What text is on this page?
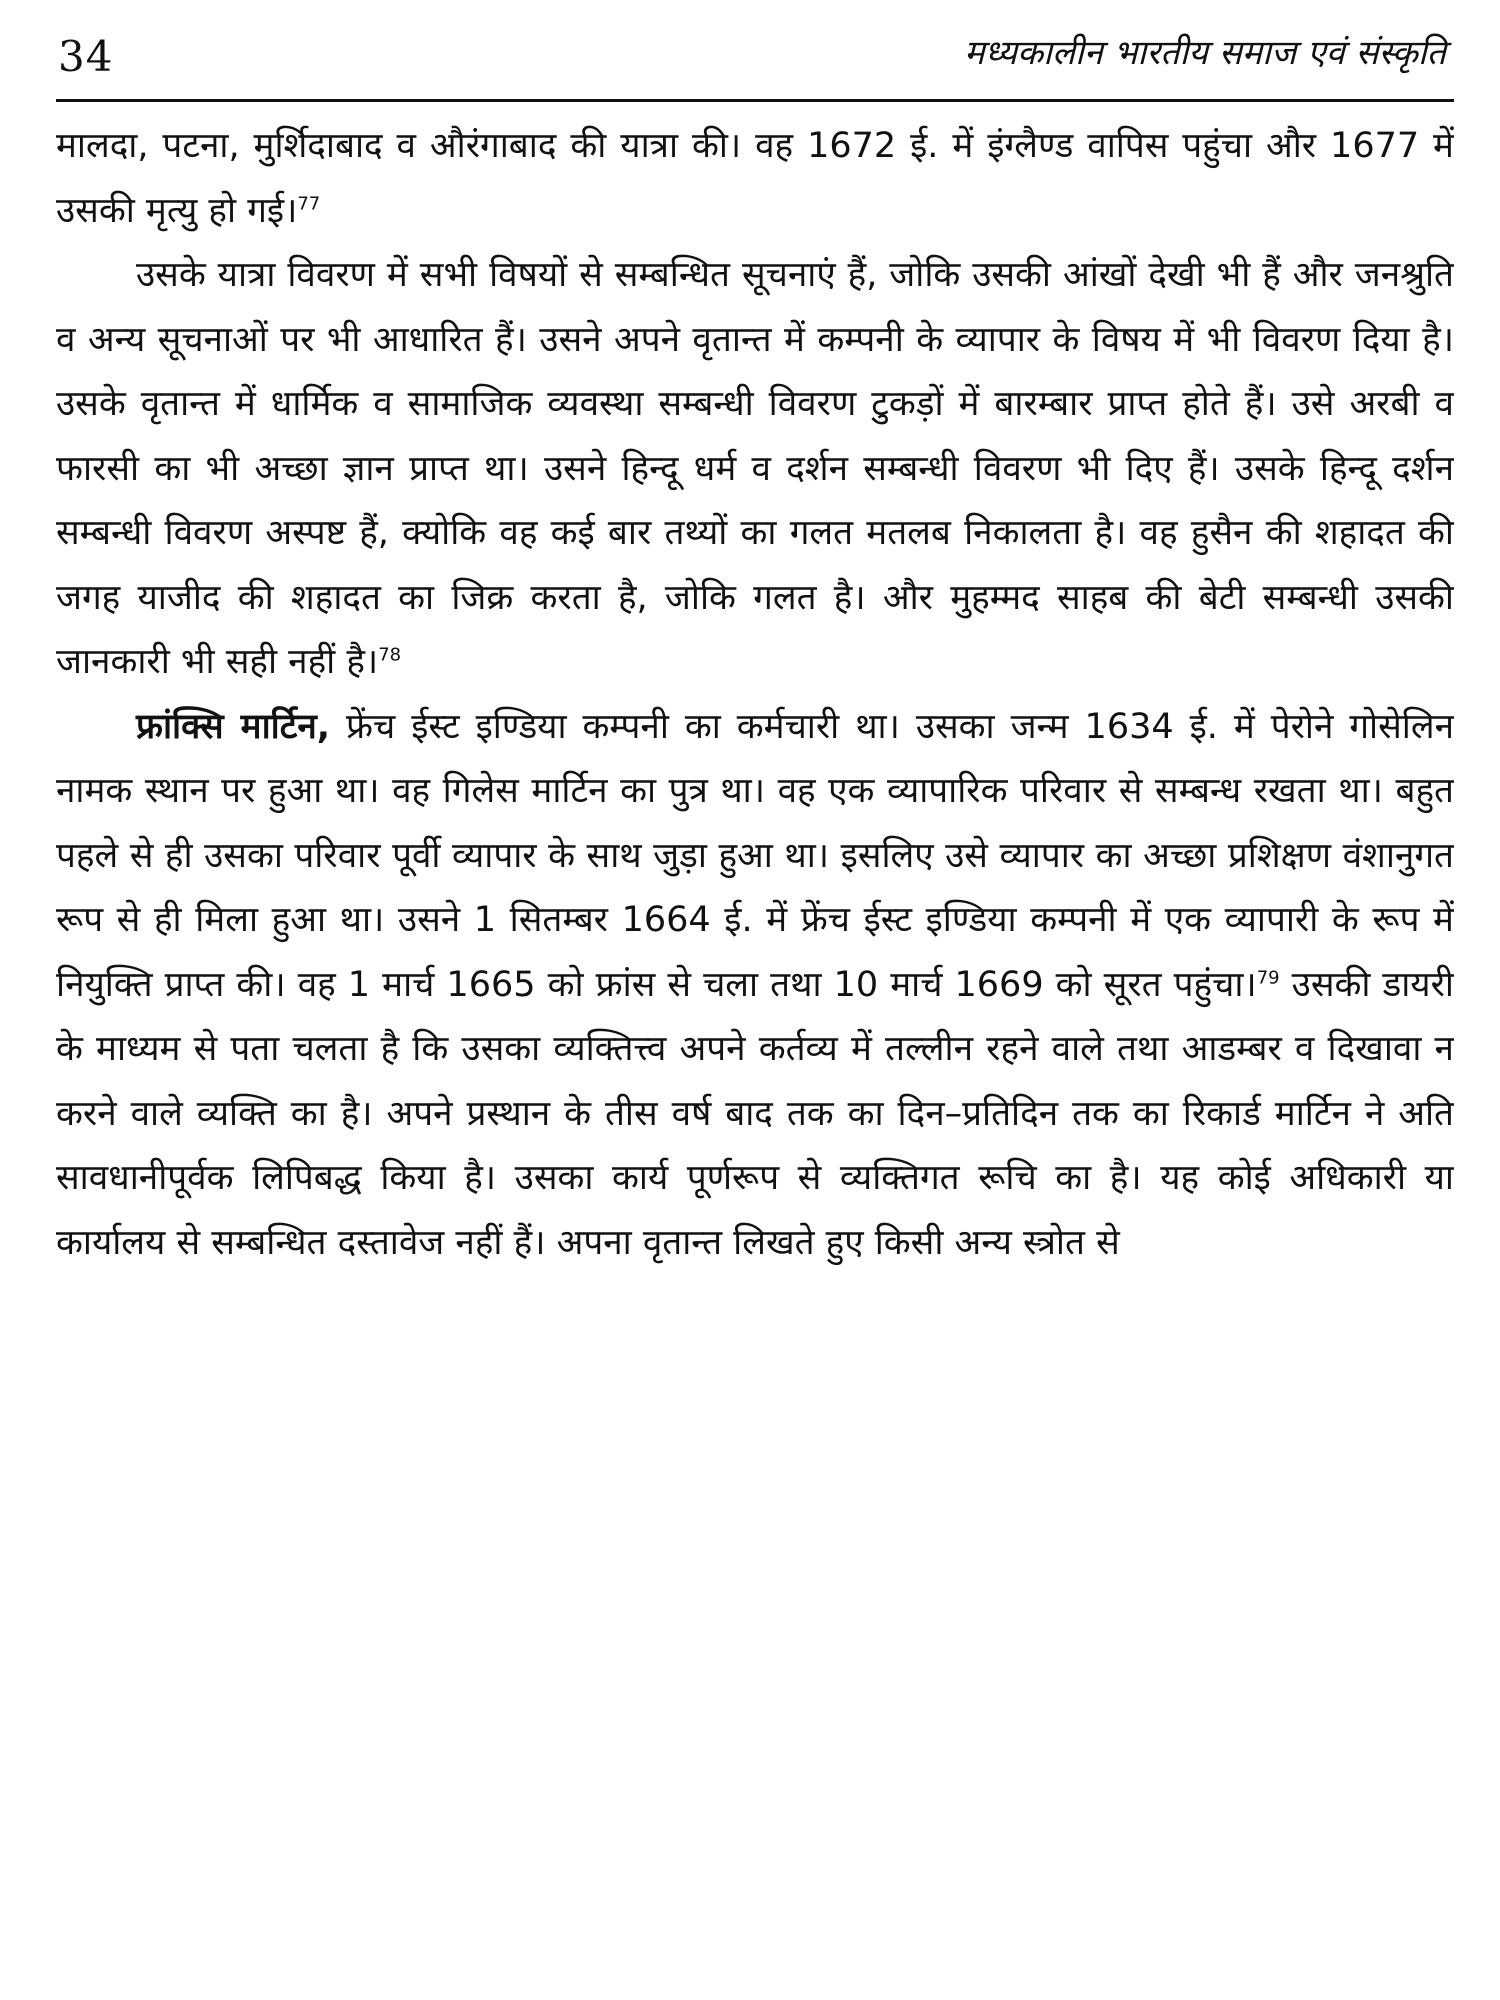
34	मध्यकालीन भारतीय समाज एवं संस्कृति

मालदा, पटना, मुर्शिदाबाद व औरंगाबाद की यात्रा की। वह 1672 ई. में इंग्लैण्ड वापिस पहुंचा और 1677 में उसकी मृत्यु हो गई।$^{77}$

उसके यात्रा विवरण में सभी विषयों से सम्बन्धित सूचनाएं हैं, जोकि उसकी आंखों देखी भी हैं और जनश्रुति व अन्य सूचनाओं पर भी आधारित हैं। उसने अपने वृतान्त में कम्पनी के व्यापार के विषय में भी विवरण दिया है। उसके वृतान्त में धार्मिक व सामाजिक व्यवस्था सम्बन्धी विवरण टुकड़ों में बारम्बार प्राप्त होते हैं। उसे अरबी व फारसी का भी अच्छा ज्ञान प्राप्त था। उसने हिन्दू धर्म व दर्शन सम्बन्धी विवरण भी दिए हैं। उसके हिन्दू दर्शन सम्बन्धी विवरण अस्पष्ट हैं, क्योकि वह कई बार तथ्यों का गलत मतलब निकालता है। वह हुसैन की शहादत की जगह याजीद की शहादत का जिक्र करता है, जोकि गलत है। और मुहम्मद साहब की बेटी सम्बन्धी उसकी जानकारी भी सही नहीं है।$^{78}$

फ्रांक्सि मार्टिन, फ्रेंच ईस्ट इण्डिया कम्पनी का कर्मचारी था। उसका जन्म 1634 ई. में पेरोने गोसेलिन नामक स्थान पर हुआ था। वह गिलेस मार्टिन का पुत्र था। वह एक व्यापारिक परिवार से सम्बन्ध रखता था। बहुत पहले से ही उसका परिवार पूर्वी व्यापार के साथ जुड़ा हुआ था। इसलिए उसे व्यापार का अच्छा प्रशिक्षण वंशानुगत रूप से ही मिला हुआ था। उसने 1 सितम्बर 1664 ई. में फ्रेंच ईस्ट इण्डिया कम्पनी में एक व्यापारी के रूप में नियुक्ति प्राप्त की। वह 1 मार्च 1665 को फ्रांस से चला तथा 10 मार्च 1669 को सूरत पहुंचा।$^{79}$ उसकी डायरी के माध्यम से पता चलता है कि उसका व्यक्तित्त्व अपने कर्तव्य में तल्लीन रहने वाले तथा आडम्बर व दिखावा न करने वाले व्यक्ति का है। अपने प्रस्थान के तीस वर्ष बाद तक का दिन–प्रतिदिन तक का रिकार्ड मार्टिन ने अति सावधानीपूर्वक लिपिबद्ध किया है। उसका कार्य पूर्णरूप से व्यक्तिगत रूचि का है। यह कोई अधिकारी या कार्यालय से सम्बन्धित दस्तावेज नहीं हैं। अपना वृतान्त लिखते हुए किसी अन्य स्त्रोत से
